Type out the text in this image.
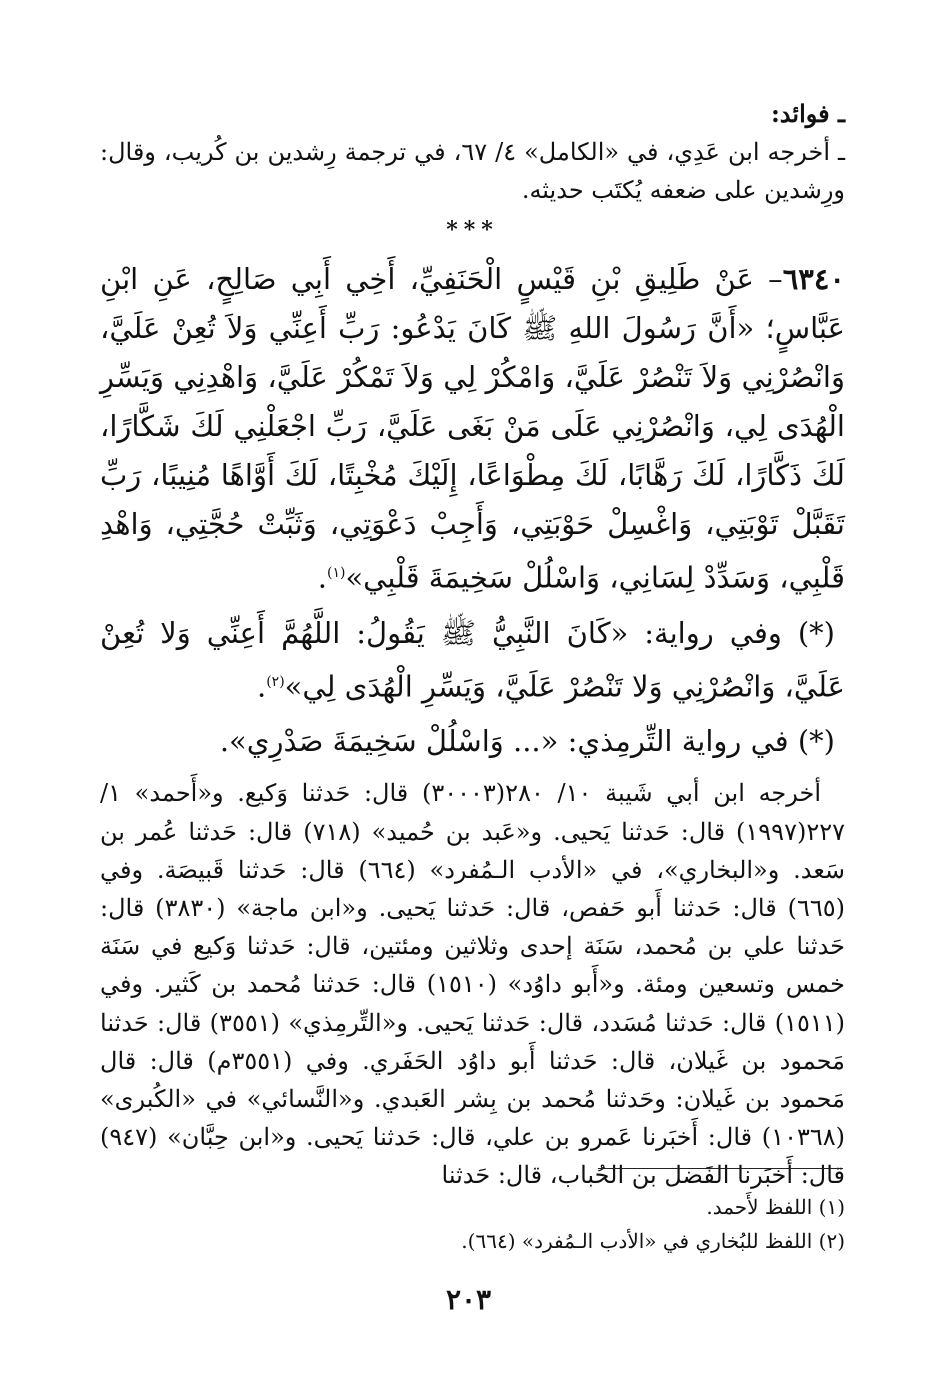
ـ فوائد:

ـ أخرجه ابن عَدِي، في «الكامل» ٤/ ٦٧، في ترجمة رِشدين بن كُريب، وقال: ورِشدين على ضعفه يُكتَب حديثه.

***

٦٣٤٠– عَنْ طَلِيقِ بْنِ قَيْسٍ الْحَنَفِيِّ، أَخِي أَبِي صَالِحٍ، عَنِ ابْنِ عَبَّاسٍ؛ «أَنَّ رَسُولَ اللهِ ﷺ كَانَ يَدْعُو: رَبِّ أَعِنِّي وَلاَ تُعِنْ عَلَيَّ، وَانْصُرْنِي وَلاَ تَنْصُرْ عَلَيَّ، وَامْكُرْ لِي وَلاَ تَمْكُرْ عَلَيَّ، وَاهْدِنِي وَيَسِّرِ الْهُدَى لِي، وَانْصُرْنِي عَلَى مَنْ بَغَى عَلَيَّ، رَبِّ اجْعَلْنِي لَكَ شَكَّارًا، لَكَ ذَكَّارًا، لَكَ رَهَّابًا، لَكَ مِطْوَاعًا، إِلَيْكَ مُخْبِتًا، لَكَ أَوَّاهًا مُنِيبًا، رَبِّ تَقَبَّلْ تَوْبَتِي، وَاغْسِلْ حَوْبَتِي، وَأَجِبْ دَعْوَتِي، وَثَبِّتْ حُجَّتِي، وَاهْدِ قَلْبِي، وَسَدِّدْ لِسَانِي، وَاسْلُلْ سَخِيمَةَ قَلْبِي»$^{(١)}$.

(*) وفي رواية: «كَانَ النَّبِيُّ ﷺ يَقُولُ: اللَّهُمَّ أَعِنِّي وَلا تُعِنْ عَلَيَّ، وَانْصُرْنِي وَلا تَنْصُرْ عَلَيَّ، وَيَسِّرِ الْهُدَى لِي»$^{(٢)}$.

(*) في رواية التِّرمِذي: «... وَاسْلُلْ سَخِيمَةَ صَدْرِي».

أخرجه ابن أبي شَيبة ١٠/ ٢٨٠(٣٠٠٠٣) قال: حَدثنا وَكيع. و«أَحمد» ١/ ٢٢٧(١٩٩٧) قال: حَدثنا يَحيى. و«عَبد بن حُميد» (٧١٨) قال: حَدثنا عُمر بن سَعد. و«البخاري»، في «الأدب الـمُفرد» (٦٦٤) قال: حَدثنا قَبيصَة. وفي (٦٦٥) قال: حَدثنا أَبو حَفص، قال: حَدثنا يَحيى. و«ابن ماجة» (٣٨٣٠) قال: حَدثنا علي بن مُحمد، سَنَة إحدى وثلاثين ومئتين، قال: حَدثنا وَكيع في سَنَة خمس وتسعين ومئة. و«أَبو داوُد» (١٥١٠) قال: حَدثنا مُحمد بن كَثير. وفي (١٥١١) قال: حَدثنا مُسَدد، قال: حَدثنا يَحيى. و«التِّرمِذي» (٣٥٥١) قال: حَدثنا مَحمود بن غَيلان، قال: حَدثنا أَبو داوُد الحَفَري. وفي (٣٥٥١م) قال: قال مَحمود بن غَيلان: وحَدثنا مُحمد بن بِشر العَبدي. و«النَّسائي» في «الكُبرى» (١٠٣٦٨) قال: أَخبَرنا عَمرو بن علي، قال: حَدثنا يَحيى. و«ابن حِبَّان» (٩٤٧) قال: أَخبَرنا الفَضل بن الحُباب، قال: حَدثنا

(١) اللفظ لأَحمد.

(٢) اللفظ للبُخاري في «الأدب الـمُفرد» (٦٦٤).

٢٠٣
